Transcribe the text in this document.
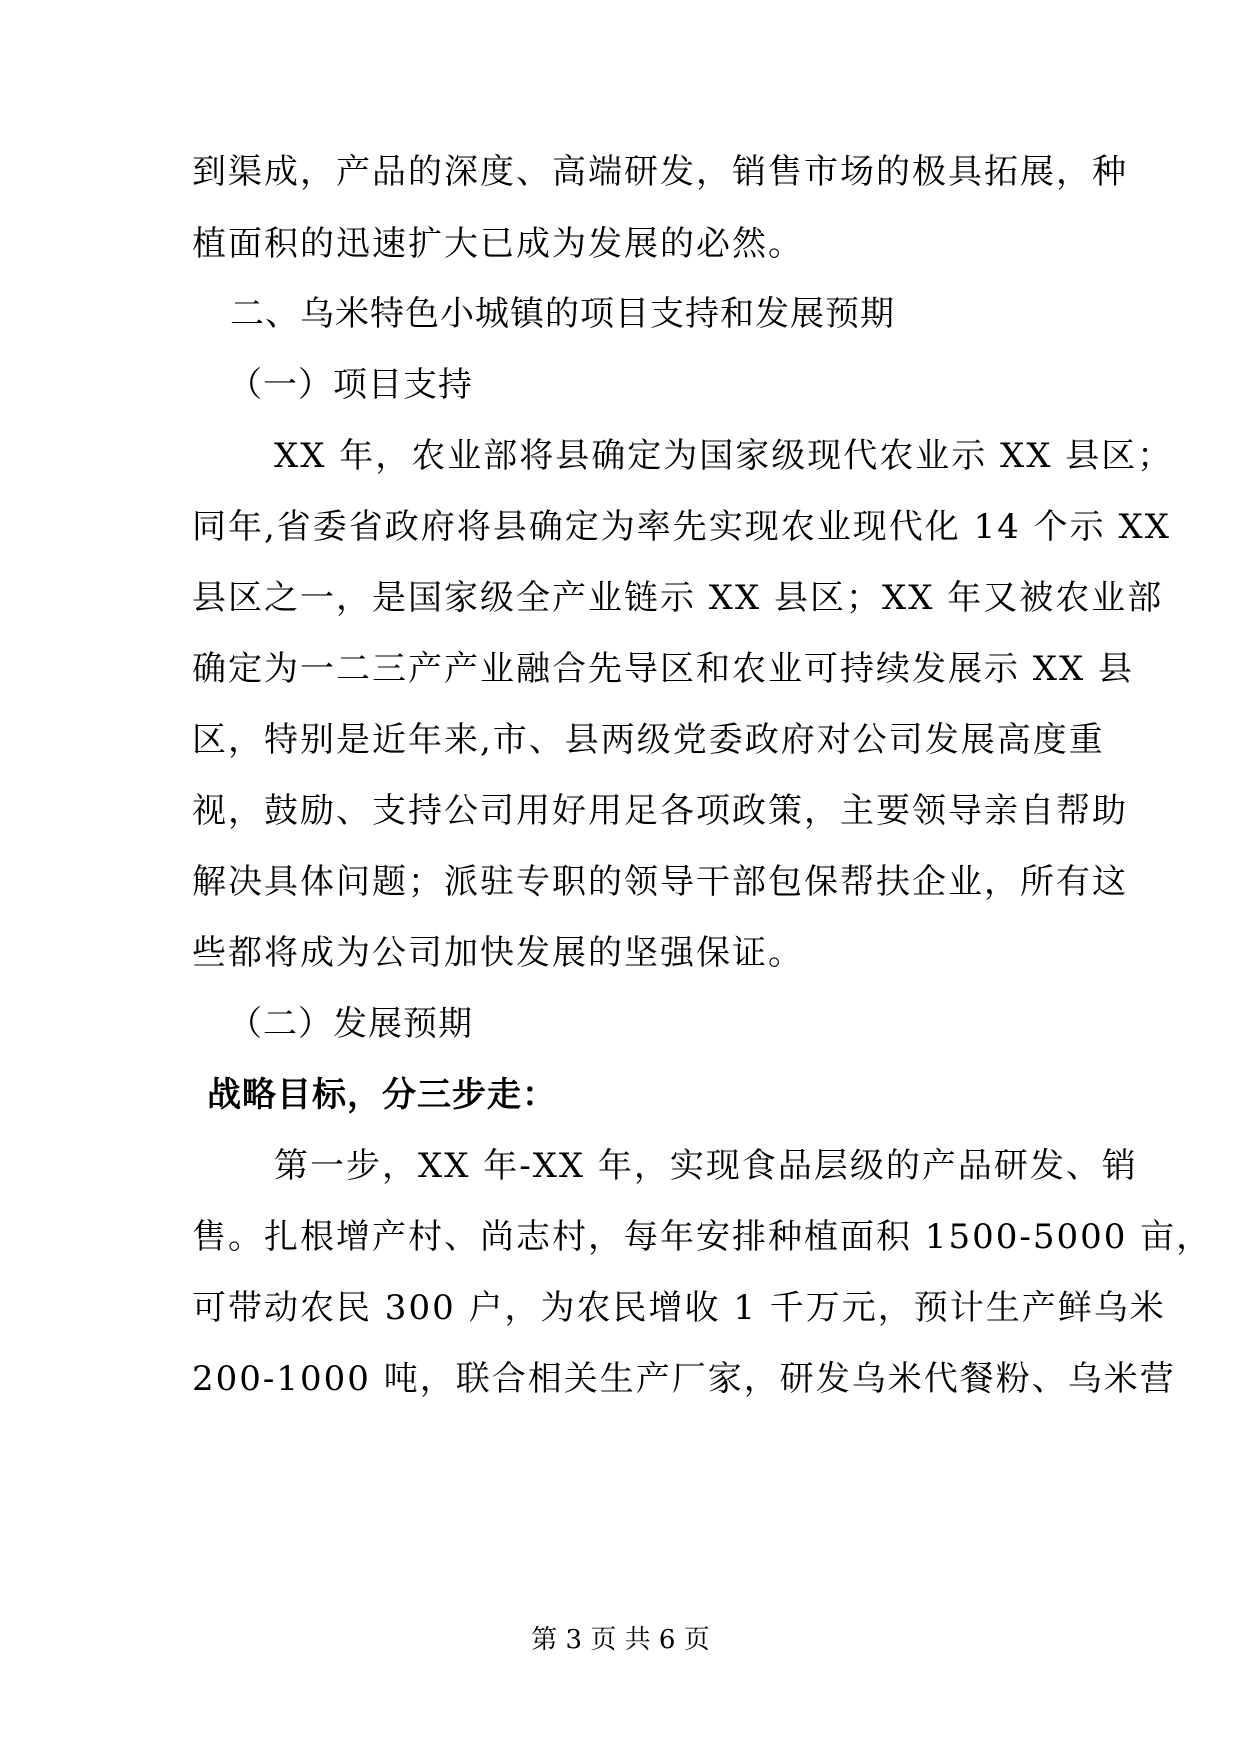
到渠成，产品的深度、高端研发，销售市场的极具拓展，种
植面积的迅速扩大已成为发展的必然。
二、乌米特色小城镇的项目支持和发展预期
（一）项目支持
XX 年，农业部将县确定为国家级现代农业示 XX 县区；
同年,省委省政府将县确定为率先实现农业现代化 14 个示 XX
县区之一，是国家级全产业链示 XX 县区；XX 年又被农业部
确定为一二三产产业融合先导区和农业可持续发展示 XX 县
区，特别是近年来,市、县两级党委政府对公司发展高度重
视，鼓励、支持公司用好用足各项政策，主要领导亲自帮助
解决具体问题；派驻专职的领导干部包保帮扶企业，所有这
些都将成为公司加快发展的坚强保证。
（二）发展预期
战略目标，分三步走：
第一步，XX 年-XX 年，实现食品层级的产品研发、销
售。扎根增产村、尚志村，每年安排种植面积 1500-5000 亩，
可带动农民 300 户，为农民增收 1 千万元，预计生产鲜乌米
200-1000 吨，联合相关生产厂家，研发乌米代餐粉、乌米营
第 3 页 共 6 页
